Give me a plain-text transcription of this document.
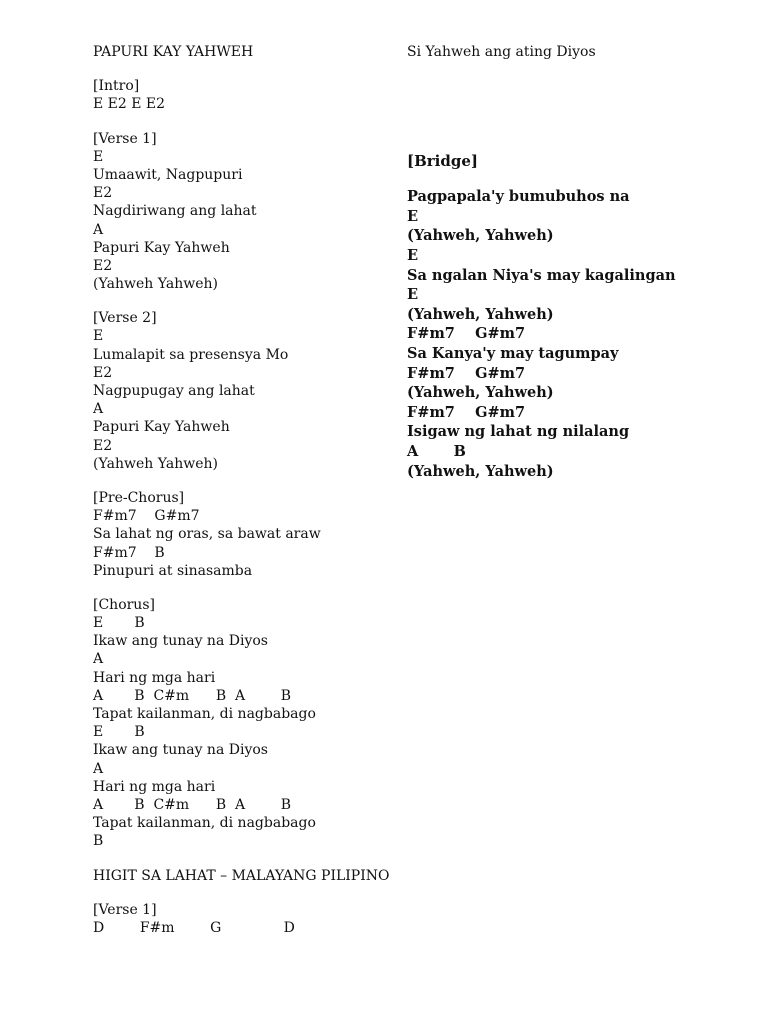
PAPURI KAY YAHWEH
[Intro]
E E2 E E2
[Verse 1]
E
Umaawit, Nagpupuri
E2
Nagdiriwang ang lahat
A
Papuri Kay Yahweh
E2
(Yahweh Yahweh)
[Verse 2]
E
Lumalapit sa presensya Mo
E2
Nagpupugay ang lahat
A
Papuri Kay Yahweh
E2
(Yahweh Yahweh)
[Pre-Chorus]
F#m7    G#m7
Sa lahat ng oras, sa bawat araw
F#m7    B
Pinupuri at sinasamba
[Chorus]
E       B
Ikaw ang tunay na Diyos
A
Hari ng mga hari
A       B  C#m      B  A        B
Tapat kailanman, di nagbabago
E       B
Ikaw ang tunay na Diyos
A
Hari ng mga hari
A       B  C#m      B  A        B
Tapat kailanman, di nagbabago
B
HIGIT SA LAHAT – MALAYANG PILIPINO
[Verse 1]
D        F#m        G              D
Si Yahweh ang ating Diyos
[Bridge]
Pagpapala'y bumubuhos na
E
(Yahweh, Yahweh)
E
Sa ngalan Niya's may kagalingan
E
(Yahweh, Yahweh)
F#m7    G#m7
Sa Kanya'y may tagumpay
F#m7    G#m7
(Yahweh, Yahweh)
F#m7    G#m7
Isigaw ng lahat ng nilalang
A       B
(Yahweh, Yahweh)
